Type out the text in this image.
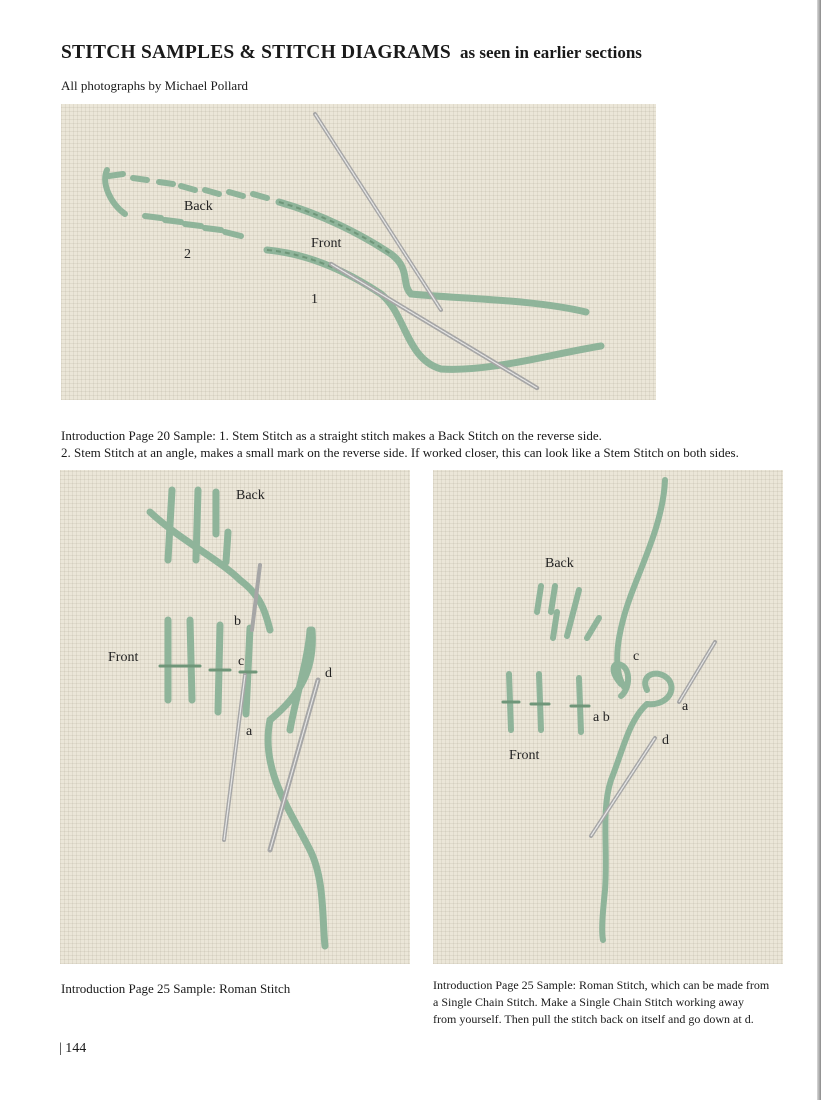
STITCH SAMPLES & STITCH DIAGRAMS as seen in earlier sections
All photographs by Michael Pollard
Back
2
Front
1
Introduction Page 20 Sample: 1. Stem Stitch as a straight stitch makes a Back Stitch on the reverse side.
2. Stem Stitch at an angle, makes a small mark on the reverse side. If worked closer, this can look like a Stem Stitch on both sides.
Back
Front
b
c
d
a
Introduction Page 25 Sample: Roman Stitch
Back
Front
a b
c
a
d
Introduction Page 25 Sample: Roman Stitch, which can be made from
a Single Chain Stitch. Make a Single Chain Stitch working away
from yourself. Then pull the stitch back on itself and go down at d.
| 144
